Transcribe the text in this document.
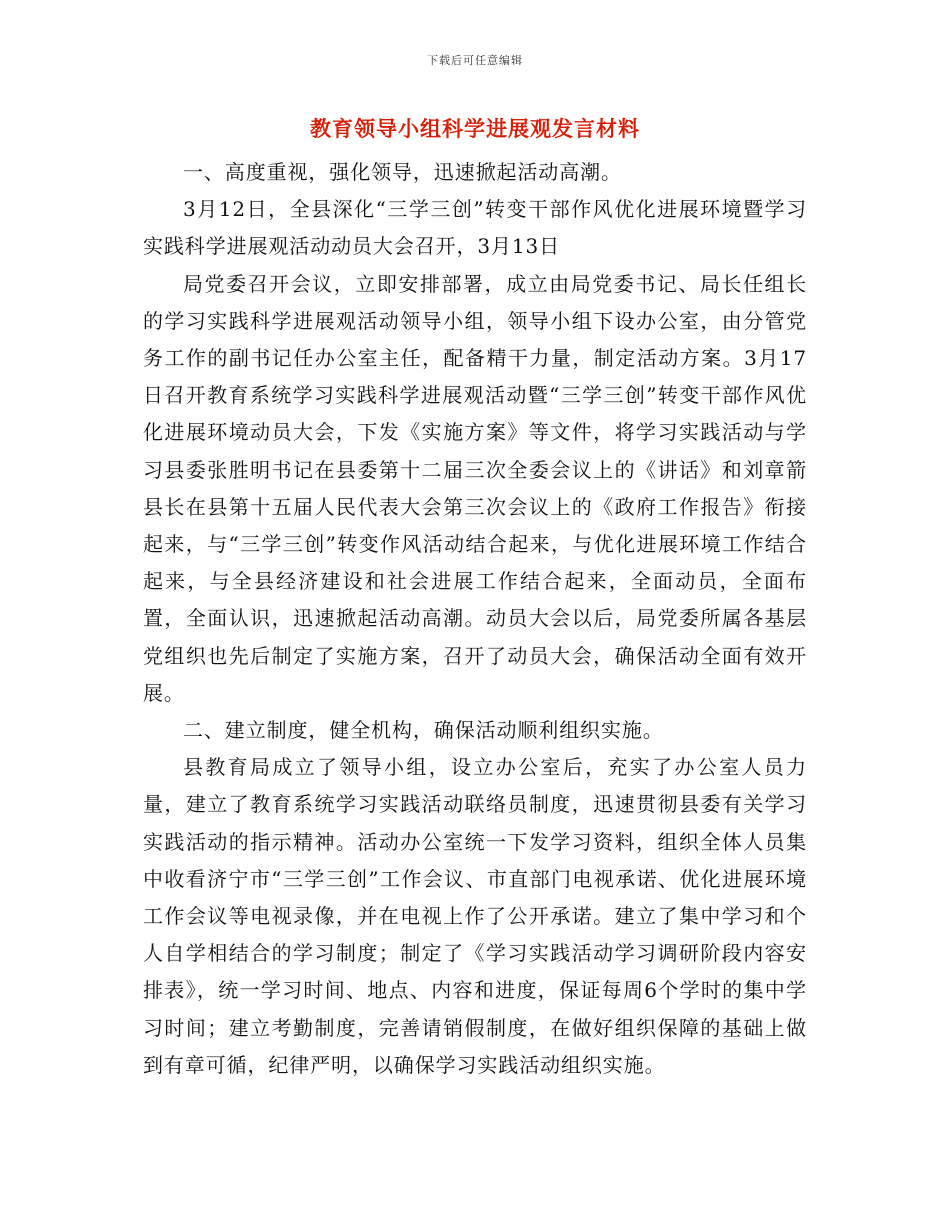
下载后可任意编辑
教育领导小组科学进展观发言材料

一、高度重视，强化领导，迅速掀起活动高潮。

3月12日，全县深化“三学三创”转变干部作风优化进展环境暨学习实践科学进展观活动动员大会召开，3月13日

局党委召开会议，立即安排部署，成立由局党委书记、局长任组长的学习实践科学进展观活动领导小组，领导小组下设办公室，由分管党务工作的副书记任办公室主任，配备精干力量，制定活动方案。3月17日召开教育系统学习实践科学进展观活动暨“三学三创”转变干部作风优化进展环境动员大会，下发《实施方案》等文件，将学习实践活动与学习县委张胜明书记在县委第十二届三次全委会议上的《讲话》和刘章箭县长在县第十五届人民代表大会第三次会议上的《政府工作报告》衔接起来，与“三学三创”转变作风活动结合起来，与优化进展环境工作结合起来，与全县经济建设和社会进展工作结合起来，全面动员，全面布置，全面认识，迅速掀起活动高潮。动员大会以后，局党委所属各基层党组织也先后制定了实施方案，召开了动员大会，确保活动全面有效开展。

二、建立制度，健全机构，确保活动顺利组织实施。

县教育局成立了领导小组，设立办公室后，充实了办公室人员力量，建立了教育系统学习实践活动联络员制度，迅速贯彻县委有关学习实践活动的指示精神。活动办公室统一下发学习资料，组织全体人员集中收看济宁市“三学三创”工作会议、市直部门电视承诺、优化进展环境工作会议等电视录像，并在电视上作了公开承诺。建立了集中学习和个人自学相结合的学习制度；制定了《学习实践活动学习调研阶段内容安排表》，统一学习时间、地点、内容和进度，保证每周6个学时的集中学习时间；建立考勤制度，完善请销假制度，在做好组织保障的基础上做到有章可循，纪律严明，以确保学习实践活动组织实施。
